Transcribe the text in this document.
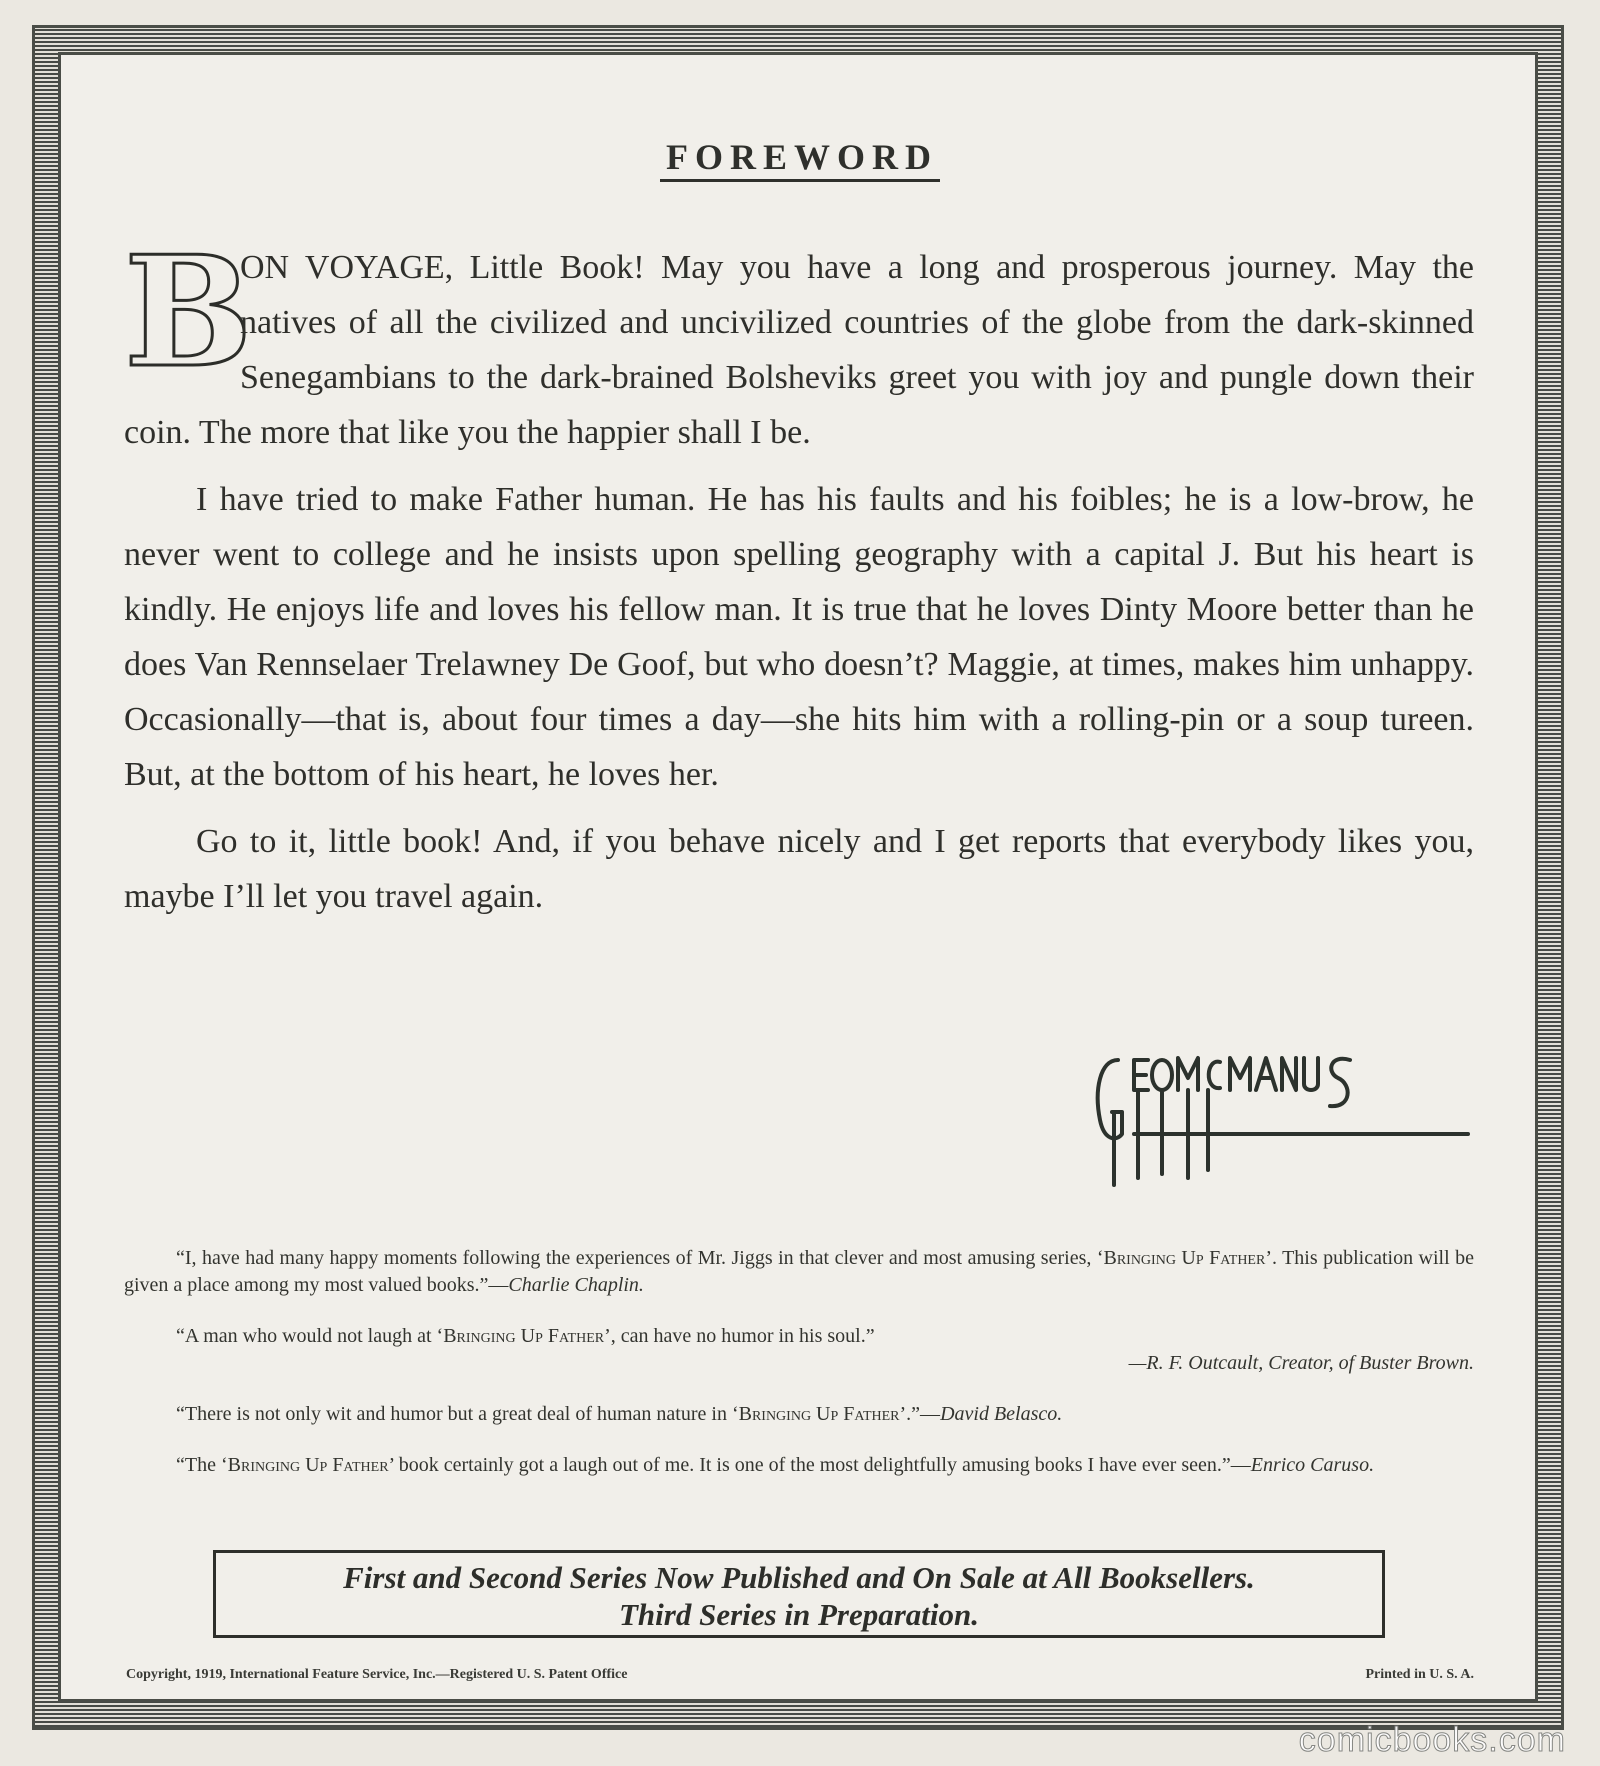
FOREWORD

B
ON VOYAGE, Little Book! May you have a long and prosperous journey. May the natives of all the civilized and uncivilized countries of the globe from the dark-skinned Senegambians to the dark-brained Bolsheviks greet you with joy and pungle down their coin. The more that like you the happier shall I be.

I have tried to make Father human. He has his faults and his foibles; he is a low-brow, he never went to college and he insists upon spelling geography with a capital J. But his heart is kindly. He enjoys life and loves his fellow man. It is true that he loves Dinty Moore better than he does Van Rennselaer Trelawney De Goof, but who doesn’t? Maggie, at times, makes him unhappy. Occasionally—that is, about four times a day—she hits him with a rolling-pin or a soup tureen. But, at the bottom of his heart, he loves her.

Go to it, little book! And, if you behave nicely and I get reports that everybody likes you, maybe I’ll let you travel again.

“I, have had many happy moments following the experiences of Mr. Jiggs in that clever and most amusing series, ‘Bringing Up Father’. This publication will be given a place among my most valued books.”—Charlie Chaplin.

“A man who would not laugh at ‘Bringing Up Father’, can have no humor in his soul.”
—R. F. Outcault, Creator, of Buster Brown.

“There is not only wit and humor but a great deal of human nature in ‘Bringing Up Father’.”—David Belasco.

“The ‘Bringing Up Father’ book certainly got a laugh out of me. It is one of the most delightfully amusing books I have ever seen.”—Enrico Caruso.

First and Second Series Now Published and On Sale at All Booksellers.
Third Series in Preparation.
Copyright, 1919, International Feature Service, Inc.—Registered U. S. Patent Office	Printed in U. S. A.
comicbooks.com
